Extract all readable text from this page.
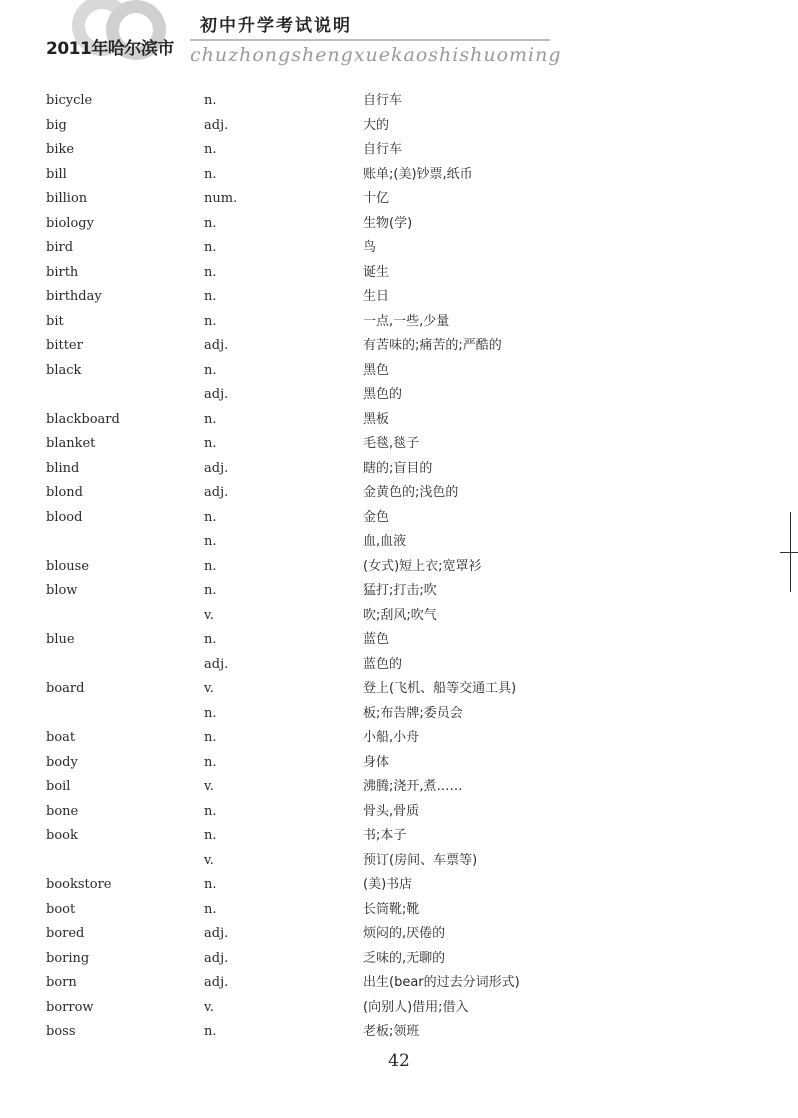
2011年哈尔滨市
初中升学考试说明
chuzhongshengxuekaoshishuoming
bicycle	n.	自行车
big	adj.	大的
bike	n.	自行车
bill	n.	账单;(美)钞票,纸币
billion	num.	十亿
biology	n.	生物(学)
bird	n.	鸟
birth	n.	诞生
birthday	n.	生日
bit	n.	一点,一些,少量
bitter	adj.	有苦味的;痛苦的;严酷的
black	n.	黑色
adj.	黑色的
blackboard	n.	黑板
blanket	n.	毛毯,毯子
blind	adj.	瞎的;盲目的
blond	adj.	金黄色的;浅色的
blood	n.	金色
n.	血,血液
blouse	n.	(女式)短上衣;宽罩衫
blow	n.	猛打;打击;吹
v.	吹;刮风;吹气
blue	n.	蓝色
adj.	蓝色的
board	v.	登上(飞机、船等交通工具)
n.	板;布告牌;委员会
boat	n.	小船,小舟
body	n.	身体
boil	v.	沸腾;浇开,煮……
bone	n.	骨头,骨质
book	n.	书;本子
v.	预订(房间、车票等)
bookstore	n.	(美)书店
boot	n.	长筒靴;靴
bored	adj.	烦闷的,厌倦的
boring	adj.	乏味的,无聊的
born	adj.	出生(bear的过去分词形式)
borrow	v.	(向别人)借用;借入
boss	n.	老板;领班
42
